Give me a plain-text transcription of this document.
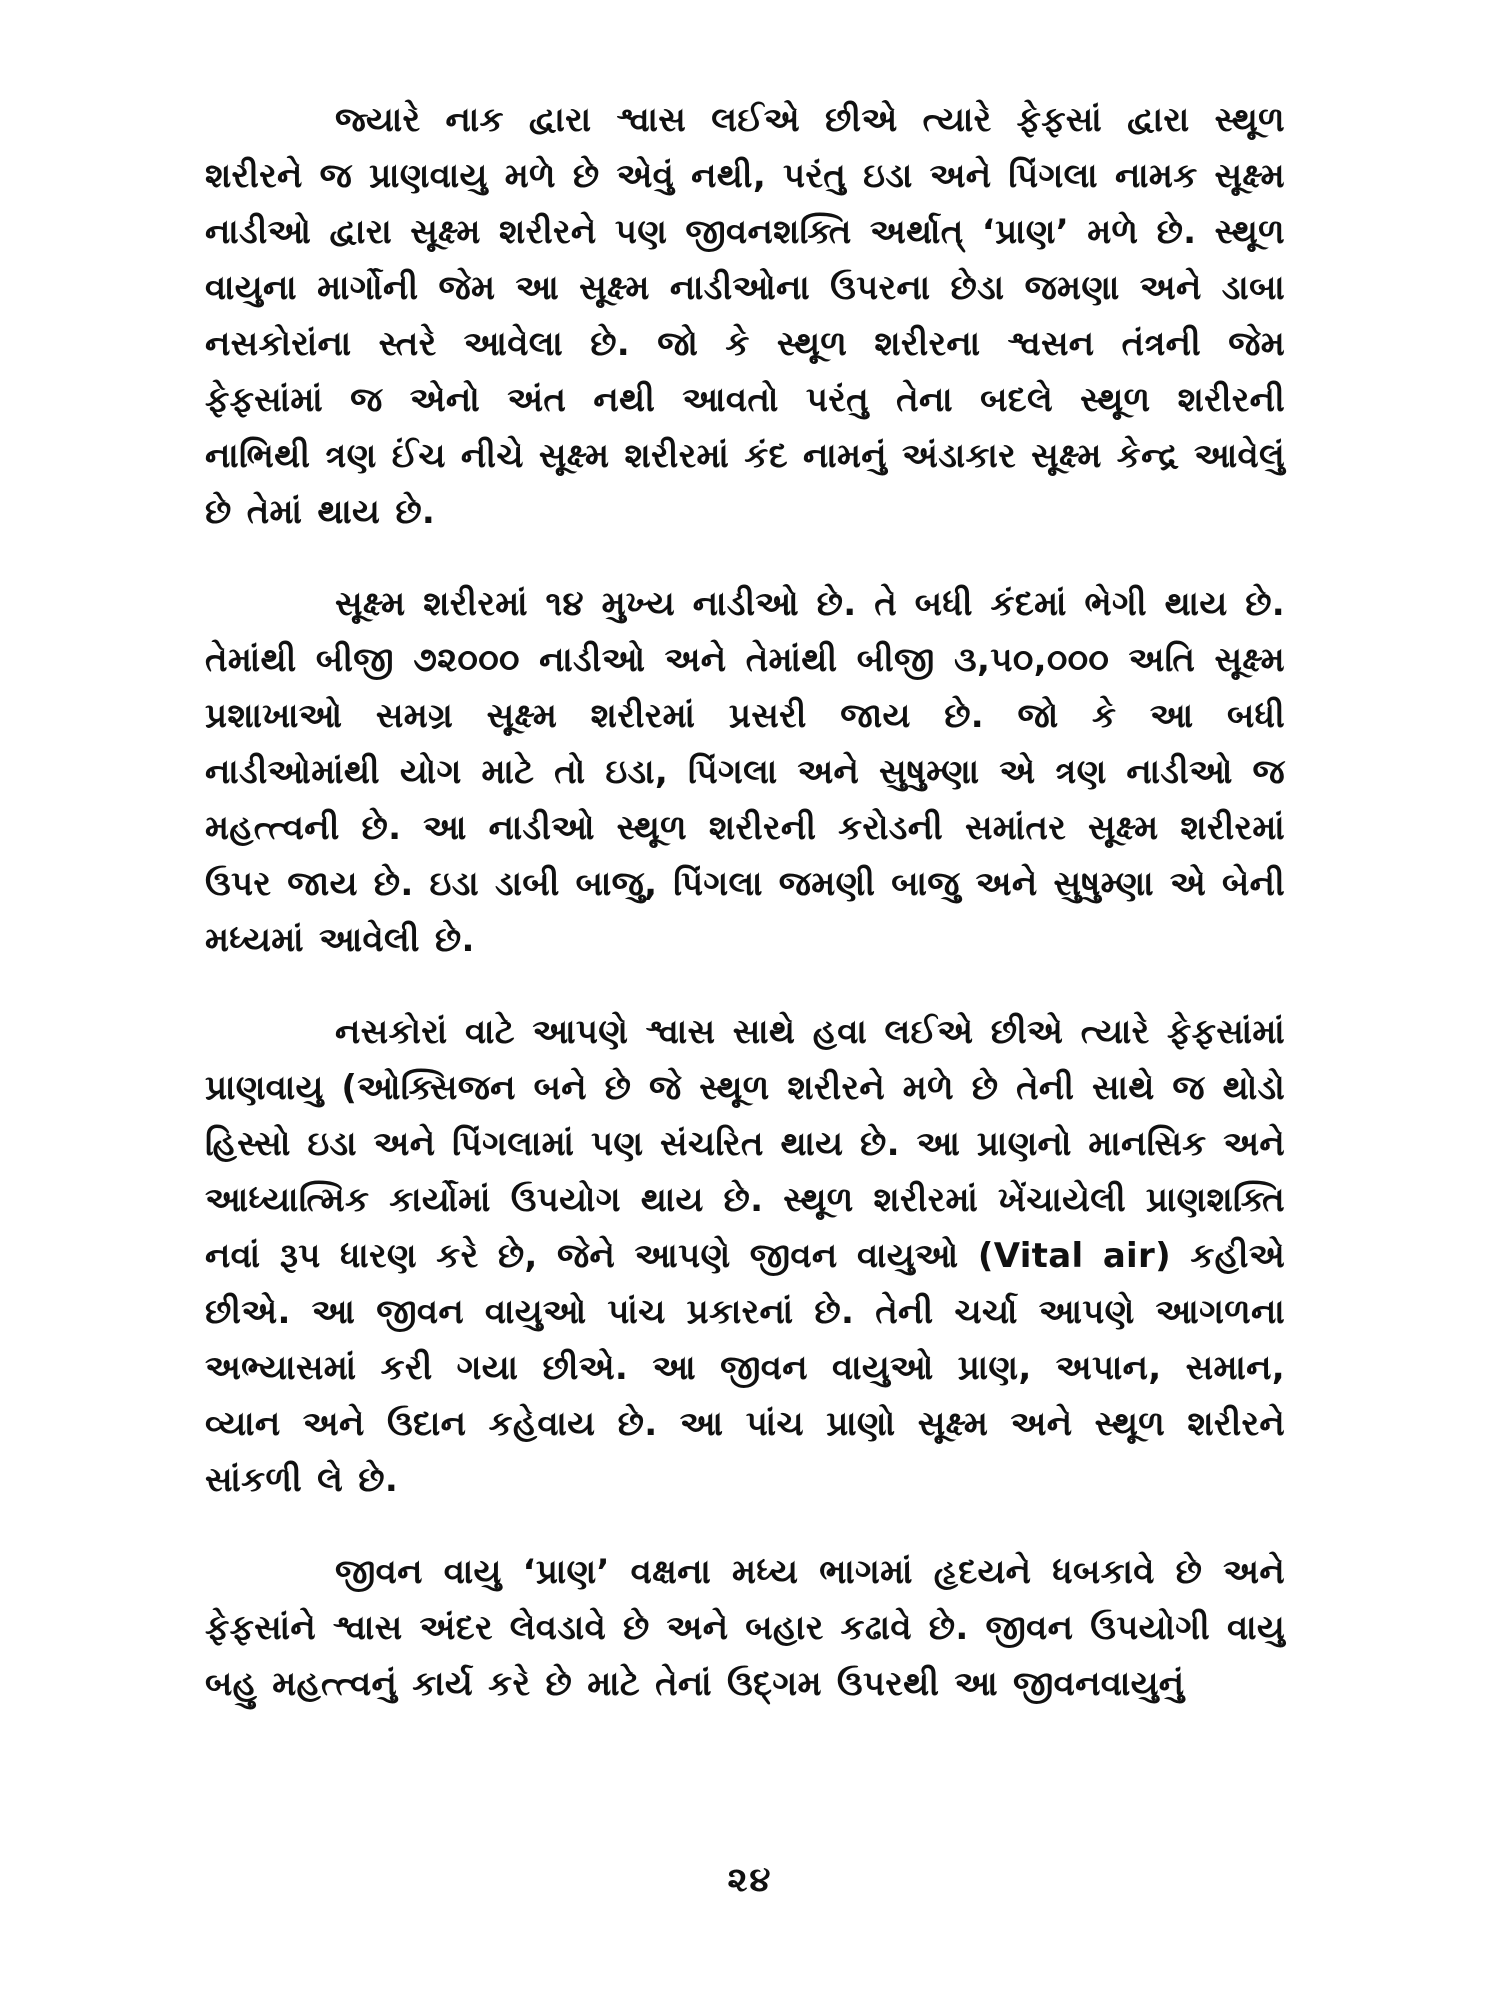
જ્યારે નાક દ્વારા શ્વાસ લઈએ છીએ ત્યારે ફેફસાં દ્વારા સ્થૂળ શરીરને જ પ્રાણવાયુ મળે છે એવું નથી, પરંતુ ઇડા અને પિંગલા નામક સૂક્ષ્મ નાડીઓ દ્વારા સૂક્ષ્મ શરીરને પણ જીવનશક્તિ અર્થાત્ ‘પ્રાણ’ મળે છે. સ્થૂળ વાયુના માર્ગોની જેમ આ સૂક્ષ્મ નાડીઓના ઉપરના છેડા જમણા અને ડાબા નસકોરાંના સ્તરે આવેલા છે. જો કે સ્થૂળ શરીરના શ્વસન તંત્રની જેમ ફેફસાંમાં જ એનો અંત નથી આવતો પરંતુ તેના બદલે સ્થૂળ શરીરની નાભિથી ત્રણ ઈંચ નીચે સૂક્ષ્મ શરીરમાં કંદ નામનું અંડાકાર સૂક્ષ્મ કેન્દ્ર આવેલું છે તેમાં થાય છે.

સૂક્ષ્મ શરીરમાં ૧૪ મુખ્ય નાડીઓ છે. તે બધી કંદમાં ભેગી થાય છે. તેમાંથી બીજી ૭૨૦૦૦ નાડીઓ અને તેમાંથી બીજી ૩,૫૦,૦૦૦ અતિ સૂક્ષ્મ પ્રશાખાઓ સમગ્ર સૂક્ષ્મ શરીરમાં પ્રસરી જાય છે. જો કે આ બધી નાડીઓમાંથી યોગ માટે તો ઇડા, પિંગલા અને સુષુમ્ણા એ ત્રણ નાડીઓ જ મહત્ત્વની છે. આ નાડીઓ સ્થૂળ શરીરની કરોડની સમાંતર સૂક્ષ્મ શરીરમાં ઉપર જાય છે. ઇડા ડાબી બાજુ, પિંગલા જમણી બાજુ અને સુષુમ્ણા એ બેની મધ્યમાં આવેલી છે.

નસકોરાં વાટે આપણે શ્વાસ સાથે હવા લઈએ છીએ ત્યારે ફેફસાંમાં પ્રાણવાયુ (ઓક્સિજન બને છે જે સ્થૂળ શરીરને મળે છે તેની સાથે જ થોડો હિસ્સો ઇડા અને પિંગલામાં પણ સંચરિત થાય છે. આ પ્રાણનો માનસિક અને આધ્યાત્મિક કાર્યોમાં ઉપયોગ થાય છે. સ્થૂળ શરીરમાં ખેંચાયેલી પ્રાણશક્તિ નવાં રૂપ ધારણ કરે છે, જેને આપણે જીવન વાયુઓ (Vital air) કહીએ છીએ. આ જીવન વાયુઓ પાંચ પ્રકારનાં છે. તેની ચર્ચા આપણે આગળના અભ્યાસમાં કરી ગયા છીએ. આ જીવન વાયુઓ પ્રાણ, અપાન, સમાન, વ્યાન અને ઉદાન કહેવાય છે. આ પાંચ પ્રાણો સૂક્ષ્મ અને સ્થૂળ શરીરને સાંકળી લે છે.

જીવન વાયુ ‘પ્રાણ’ વક્ષના મધ્ય ભાગમાં હૃદયને ધબકાવે છે અને ફેફસાંને શ્વાસ અંદર લેવડાવે છે અને બહાર કઢાવે છે. જીવન ઉપયોગી વાયુ બહુ મહત્ત્વનું કાર્ય કરે છે માટે તેનાં ઉદ્‌ગમ ઉપરથી આ જીવનવાયુનું

૨૪
